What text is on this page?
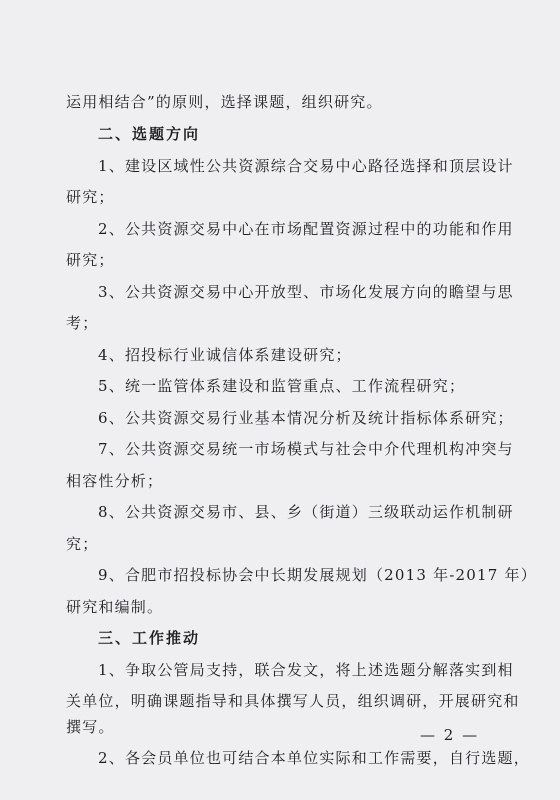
运用相结合”的原则，选择课题，组织研究。
二、选题方向
1、建设区域性公共资源综合交易中心路径选择和顶层设计
研究；
2、公共资源交易中心在市场配置资源过程中的功能和作用
研究；
3、公共资源交易中心开放型、市场化发展方向的瞻望与思
考；
4、招投标行业诚信体系建设研究；
5、统一监管体系建设和监管重点、工作流程研究；
6、公共资源交易行业基本情况分析及统计指标体系研究；
7、公共资源交易统一市场模式与社会中介代理机构冲突与
相容性分析；
8、公共资源交易市、县、乡（街道）三级联动运作机制研
究；
9、合肥市招投标协会中长期发展规划（2013 年-2017 年）
研究和编制。
三、工作推动
1、争取公管局支持，联合发文，将上述选题分解落实到相
关单位，明确课题指导和具体撰写人员，组织调研，开展研究和
撰写。
2、各会员单位也可结合本单位实际和工作需要，自行选题，
— 2 —
